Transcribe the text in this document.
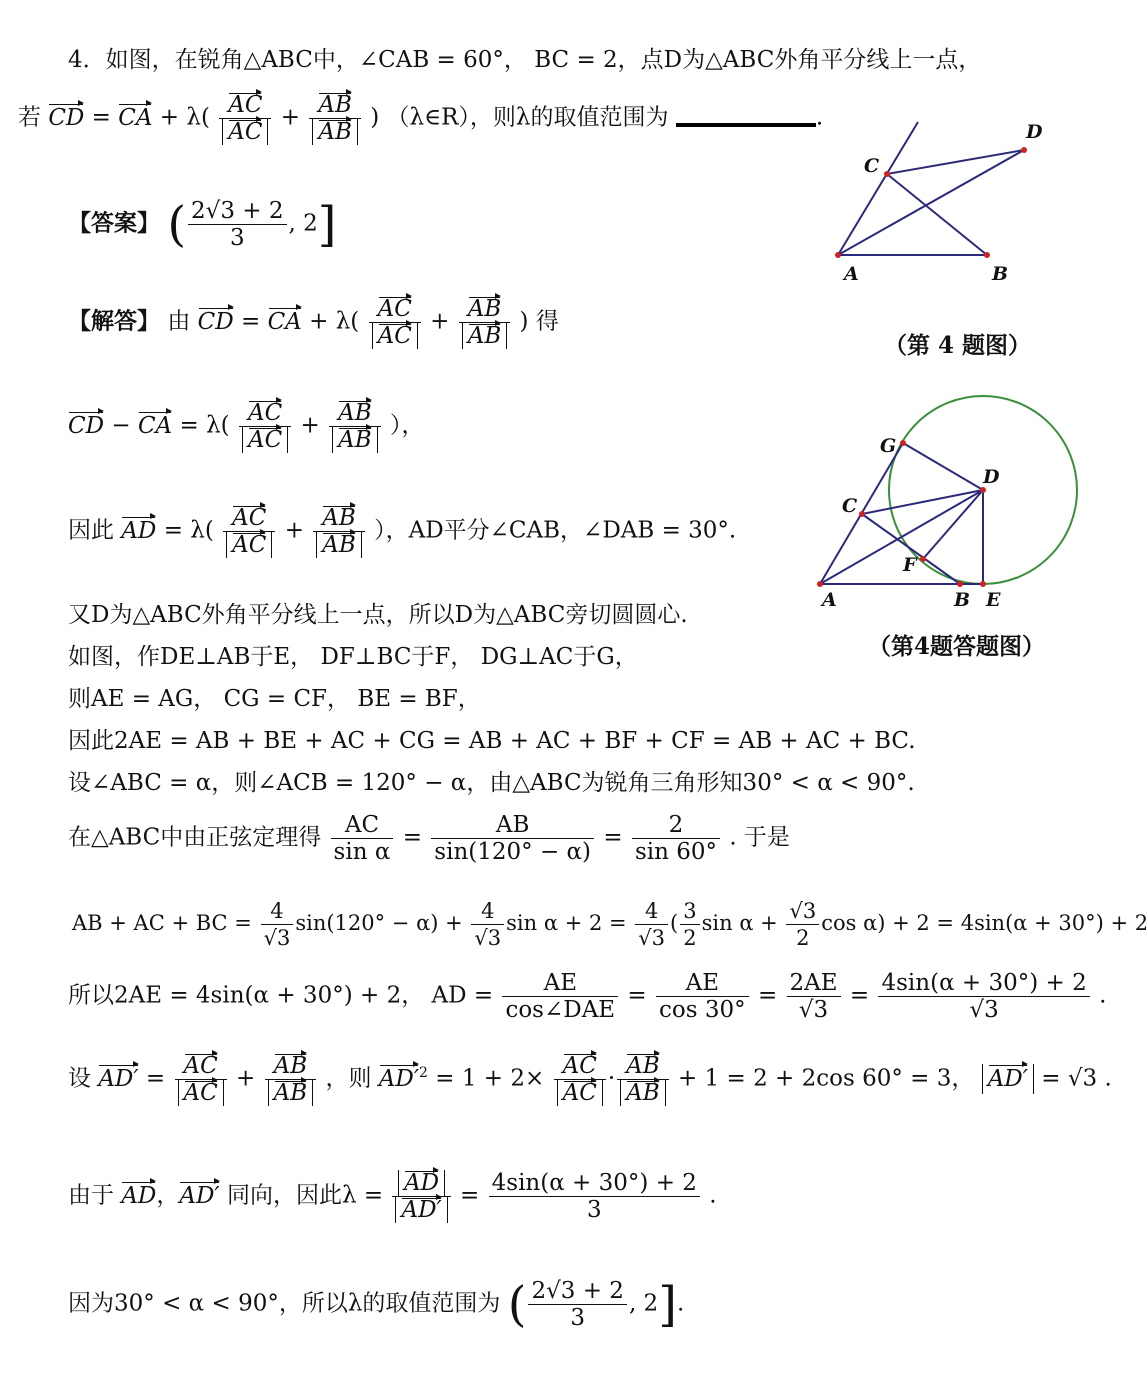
4．如图，在锐角△ABC中，∠CAB = 60°， BC = 2，点D为△ABC外角平分线上一点，
若 CD = CA + $\lambda( \frac{AC}{AC} + \frac{AB}{AB}$ ) （λ∈R），则λ的取值范围为	.
【答案】 ( $\frac{2√3 + 2}{3}$ , 2]
【解答】 由 CD = CA + $\lambda( \frac{AC}{AC} + \frac{AB}{AB}$ ) 得
CD − CA = $\lambda( \frac{AC}{AC} + \frac{AB}{AB}$ ），
因此 AD = $\lambda( \frac{AC}{AC} + \frac{AB}{AB}$ ），AD平分∠CAB，∠DAB = 30°.
又D为△ABC外角平分线上一点，所以D为△ABC旁切圆圆心.
如图，作DE⊥AB于E， DF⊥BC于F， DG⊥AC于G，
则AE = AG， CG = CF， BE = BF，
因此2AE = AB + BE + AC + CG = AB + AC + BF + CF = AB + AC + BC.
设∠ABC = α，则∠ACB = 120° − α，由△ABC为锐角三角形知30° < α < 90°.
在△ABC中由正弦定理得 $\frac{AC}{\text{sin α}} = \frac{AB}{\sin(120^\circ - \alpha)} = \frac{2}{\sin 60^\circ}$ . 于是
AB + AC + BC = $\frac{4}{√3} \sin(120^\circ - \alpha) + \frac{4}{√3}$ $\sin \alpha + 2 = \frac{4}{√3}$ ( $\frac{3}{2}$ $\sin \alpha + \frac{√3}{2}$ cos α) + 2 = 4sin(α + 30°) + 2
所以2AE = 4sin(α + 30°) + 2， AD = $\frac{AE}{\text{cos∠DAE}} = \frac{AE}{\cos 30^\circ} = \frac{2AE}{√3} = \frac{4\sin(\alpha + 30^\circ) + 2}{√3}$ .
设 $AD' = \frac{AC}{AC} + \frac{AB}{AB}$ ，则 $AD'^2 = 1 + 2\times \frac{AC}{AC} \cdot \frac{AB}{AB} + 1 = 2 + 2\cos$ 60° = 3， AD′ = √3 .
由于 AD，AD′ 同向，因此$\lambda = \frac{AD}{AD'} = \frac{4\sin(\alpha + 30^\circ) + 2}{3}$ .
因为30° < α < 90°，所以λ的取值范围为 ( $\frac{2√3 + 2}{3}$ , 2].
A	B
C
D
（第 4 题图）
A	B
C
D
E
F
G
（第4题答题图）
